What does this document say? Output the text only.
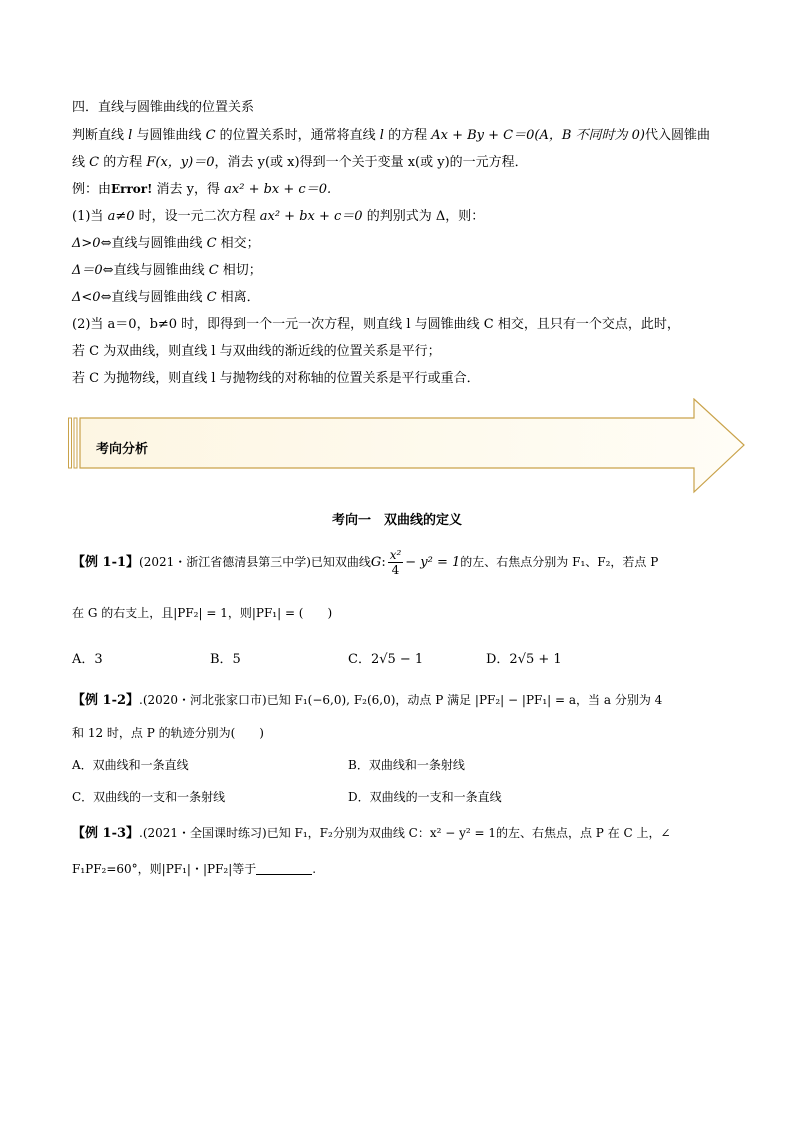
四．直线与圆锥曲线的位置关系
判断直线 l 与圆锥曲线 C 的位置关系时，通常将直线 l 的方程 Ax + By + C＝0(A，B 不同时为 0)代入圆锥曲
线 C 的方程 F(x，y)＝0，消去 y(或 x)得到一个关于变量 x(或 y)的一元方程．
例：由Error! 消去 y，得 ax² + bx + c＝0.
(1)当 a≠0 时，设一元二次方程 ax² + bx + c＝0 的判别式为 Δ，则：
Δ>0⇔直线与圆锥曲线 C 相交；
Δ＝0⇔直线与圆锥曲线 C 相切；
Δ<0⇔直线与圆锥曲线 C 相离．
(2)当 a＝0，b≠0 时，即得到一个一元一次方程，则直线 l 与圆锥曲线 C 相交，且只有一个交点，此时，
若 C 为双曲线，则直线 l 与双曲线的渐近线的位置关系是平行；
若 C 为抛物线，则直线 l 与抛物线的对称轴的位置关系是平行或重合．
考向分析
考向一　双曲线的定义
【例 1-1】(2021・浙江省德清县第三中学)已知双曲线G: $\frac{\text{x²}}{4} - y^2 = 1$的左、右焦点分别为 F₁、F₂，若点 P
在 G 的右支上，且|PF₂| = 1，则|PF₁| = (　　)
A．3	B．5	C．2√5 − 1	D．2√5 + 1
【例 1-2】.(2020・河北张家口市)已知 F₁(−6,0), F₂(6,0)，动点 P 满足 |PF₂| − |PF₁| = a，当 a 分别为 4
和 12 时，点 P 的轨迹分别为(　　)
A．双曲线和一条直线	B．双曲线和一条射线
C．双曲线的一支和一条射线	D．双曲线的一支和一条直线
【例 1-3】.(2021・全国课时练习)已知 F₁，F₂分别为双曲线 C：x² − y² = 1的左、右焦点，点 P 在 C 上，∠
F₁PF₂=60°，则|PF₁|・|PF₂|等于	.
